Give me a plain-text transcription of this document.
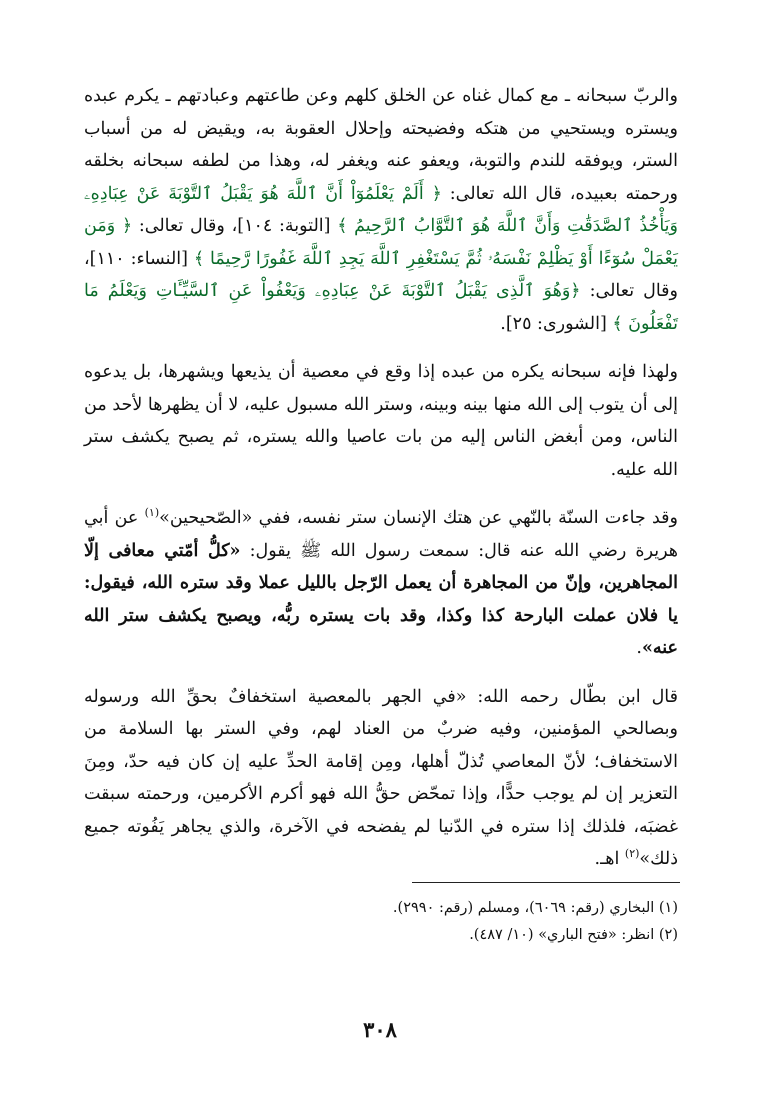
والربّ سبحانه ـ مع كمال غناه عن الخلق كلهم وعن طاعتهم وعبادتهم ـ يكرم عبده ويستره ويستحيي من هتكه وفضيحته وإحلال العقوبة به، ويقيض له من أسباب الستر، ويوفقه للندم والتوبة، ويعفو عنه ويغفر له، وهذا من لطفه سبحانه بخلقه ورحمته بعبيده، قال الله تعالى: ﴿ أَلَمْ يَعْلَمُوٓاْ أَنَّ ٱللَّهَ هُوَ يَقْبَلُ ٱلتَّوْبَةَ عَنْ عِبَادِهِۦ وَيَأْخُذُ ٱلصَّدَقَٰتِ وَأَنَّ ٱللَّهَ هُوَ ٱلتَّوَّابُ ٱلرَّحِيمُ ﴾ [التوبة: ١٠٤]، وقال تعالى: ﴿ وَمَن يَعْمَلْ سُوٓءًا أَوْ يَظْلِمْ نَفْسَهُۥ ثُمَّ يَسْتَغْفِرِ ٱللَّهَ يَجِدِ ٱللَّهَ غَفُورًا رَّحِيمًا ﴾ [النساء: ١١٠]، وقال تعالى: ﴿وَهُوَ ٱلَّذِى يَقْبَلُ ٱلتَّوْبَةَ عَنْ عِبَادِهِۦ وَيَعْفُواْ عَنِ ٱلسَّيِّـَٔاتِ وَيَعْلَمُ مَا تَفْعَلُونَ ﴾ [الشورى: ٢٥].

ولهذا فإنه سبحانه يكره من عبده إذا وقع في معصية أن يذيعها ويشهرها، بل يدعوه إلى أن يتوب إلى الله منها بينه وبينه، وستر الله مسبول عليه، لا أن يظهرها لأحد من الناس، ومن أبغض الناس إليه من بات عاصيا والله يستره، ثم يصبح يكشف ستر الله عليه.

وقد جاءت السنّة بالنّهي عن هتك الإنسان ستر نفسه، ففي «الصّحيحين»$^{(١)}$ عن أبي هريرة رضي الله عنه قال: سمعت رسول الله ﷺ يقول: «كلُّ أمّتي معافى إلّا المجاهرين، وإنّ من المجاهرة أن يعمل الرّجل بالليل عملا وقد ستره الله، فيقول: يا فلان عملت البارحة كذا وكذا، وقد بات يستره ربُّه، ويصبح يكشف ستر الله عنه».

قال ابن بطّال رحمه الله: «في الجهر بالمعصية استخفافٌ بحقِّ الله ورسوله وبصالحي المؤمنين، وفيه ضربٌ من العناد لهم، وفي الستر بها السلامة من الاستخفاف؛ لأنّ المعاصي تُذلّ أهلها، ومِن إقامة الحدِّ عليه إن كان فيه حدّ، ومِنَ التعزير إن لم يوجب حدًّا، وإذا تمحّض حقُّ الله فهو أكرم الأكرمين، ورحمته سبقت غضبَه، فلذلك إذا ستره في الدّنيا لم يفضحه في الآخرة، والذي يجاهر يَفُوته جميع ذلك»$^{(٢)}$ اهـ.

(١) البخاري (رقم: ٦٠٦٩)، ومسلم (رقم: ٢٩٩٠).

(٢) انظر: «فتح الباري» (١٠/ ٤٨٧).

٣٠٨
